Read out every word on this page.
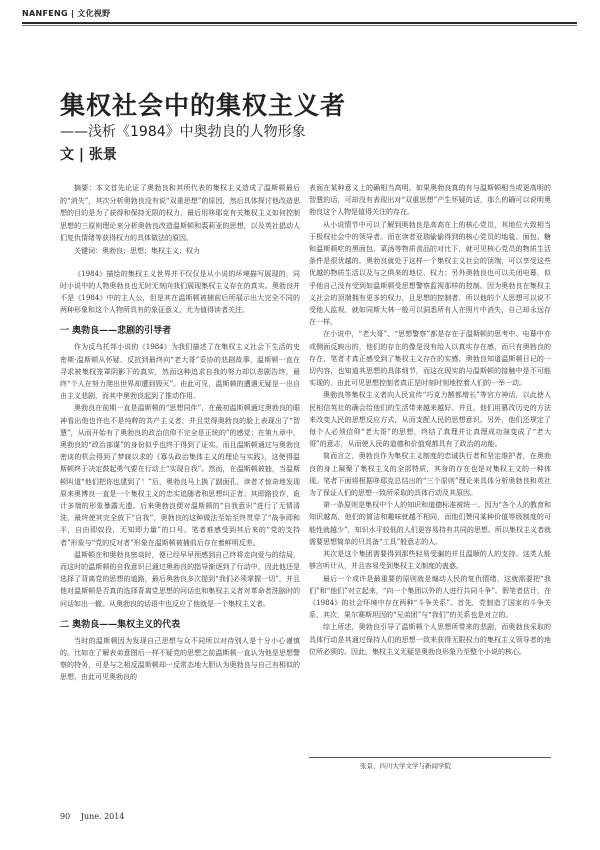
NANFENG | 文化视野
集权社会中的集权主义者
——浅析《1984》中奥勃良的人物形象
文 | 张景

摘要：本文首先论证了奥勃良和其所代表的集权主义造成了温斯顿最后的“消失”，其次分析奥勃良没有说“双重思想”的原因，然后具体探讨他改造思想的目的是为了获得和保持无限的权力，最后用哆耶克有关集权主义如何控制思想的三原则理论来分析奥勃良改造温斯顿和裘莉亚的思想，以及英社猖动人们复仇情绪等获得权力的具体做法的原因。

关键词：奥勃良；思想；集权主义；权力

《1984》描绘的集权主义世界并不仅仅是从小说的环境描写展现的，同时小说中的人物奥勃良也无时无刻向我们展现集权主义存在的真实。奥勃良并不是《1984》中的主人公，但是其在温斯顿被捕前后所展示出大完全不同的两种形象和这个人物所具有的象征意义，尤为值得读者关注。

一 奥勃良——悲剧的引导者

作为反乌托邦小说的《1984》为我们描述了在集权主义社会下生活的史密斯·温斯顿从怀疑、反抗到最终向“老大哥”妥协的悲剧故事，温斯顿一直在寻求被集权笼罩阴影下的真实，然而这种追求自我的努力却以悲剧告终，最终“个人在努力爬出世界却遭到毁灭”。由此可见，温斯顿的遭遇无疑是一出自由主义悲剧，而其中奥勃良起到了推动作用。

奥勃良在前期一直是温斯顿的“思想同伴”，在最初温斯顿通过奥勃良的眼神看出他也许也不是纯粹的共产主义者，并且觉得奥勃良的脸上表现出了“智慧”，从而开始有了奥勃良的政治信仰不完全是正统的”的感觉；在第九章中，奥勃良的“政治部谋”的身份似乎也终于得到了证实。而且温斯顿通过与奥勃良密谈的机会得到了梦寐以求的《寡头政治集体主义的理论与实践》，这使得温斯顿终于决定鼓起勇气要在行动上“实现自我”。然而，在温斯顿被抽，当温斯顿叫道“他们把你也逮到了！”后，奥勃良马上换了副面孔，读者才惊奇地发现原来奥博良一直是一个集权主义的忠实追随者和思想纠正者。其即路狡诈，诡计多端的形象暴露无遗。后来奥勃良便对温斯顿的“自我意识”进行了无情清洗，最终使其完全放下“自我”，奥勃良的这种做法至始至终贯穿了“战争即和平，自由即奴役，无知即力量”的口号。笔者难感受到其后来的“党的支持者”形象与“党的反对者”形象在温斯顿被捕前后存在着鲜明反差。

温斯顿在和奥勃良密谈时，便已经早早预感到自己终将走向爱与的结局，而这时的温斯顿的自我意识已通过奥勃良的指导渐逐到了行动中，因此他还是选择了背离党的思想的道路，最后奥勃良多次提到“我们必须掌握一切”，并且他对温斯顿是否真的选择背离党思想的问话也和集权主义者对革命者洗脑时的问话如出一辙。从奥勃良的话语中也反应了他就是一个集权主义者。

二 奥勃良——集权主义的代表

当时的温斯顿因为发现自己思想与众不同所以对待别人是十分小心谨慎的。比如在了解表弟意图后一样不疑党的思想之前温斯顿一直认为他是思想警察的特务，可是与之相反温斯顿却一反常态地大胆认为奥勃良与自己有相似的思想，由此可见奥勃良的

表面在某种意义上的确相当高明。如果奥勃良真的有与温斯顿相当或更高明的智慧的话，可却没有表现出对“双重思想”产生怀疑的话，那么的确可以说明奥勃良这个人物是值得关注的存在。

从小说情节中可以了解到奥勃良是高高在上的核心党员，其地位大致相当于极权社会中的领导者。而在读者亚瑞偷偷得到的核心党员的地毯、面包、糖和温斯顿吃的黑面包、菜汤等物质食品的对比下，就可见核心党员的物质生活条件是很优越的。奥勃良就处于这样一个集权主义社会的顶端，可以享受这些优越的物质生活以及与之俱来的地位、权力；另外奥勃良也可以关闭电幕，似乎他自己没有受到如温斯顿受思想警察监视那样的控制。因为奥勃良在集权主义社会的顶端拥有更多的权力，且思想的控制者，所以他的个人思想可以说不受他人监视，就如同斯大林一般可以洞悉所有人在照片中消失，自己却永远存在一样。

在小说中，“老大哥”、“思想警察”都是存在于温斯顿的思考中、电幕中亦或侧面反映出的，他们的存在的像是没有给人以真实存在感，而只有奥勃良的存在，笔者才真正感受到了集权主义存在的实感。奥勃良知道温斯顿日记的一切内容，也知道其思想的具体细节，而这在现实的与温斯顿的接触中是不可能实现的，由此可见思想控制者真正是时刻时刻地控着人们的一举一动。

奥勃良等集权主义者向人民宣传“巧克力额都增长”等官方神话，以此使人民相信英社的确会给他们的生活带来越来越好。并且，他们用篡改历史的方法来改变人民的思想反应方式，从而支配人民的思想意识。另外，他们还规定了每个人必须信仰“老大哥”的思想，终结了真理并让真理成功演变成了“老大哥”的意志，从而使人民的道德和价值观都具有了政治的功能。

简而言之，奥勃良作为集权主义制度的忠诚执行者和坚定维护者，在奥勃良的身上凝聚了集权主义的全部特质，其身的存在也是对集权主义的一种体现。笔者下面将根据哆耶克总结出的“三个原则”理论来具体分析奥勃良和英社为了保证人们的思想一致所采取的具体行动及其原因。

第一条原则是集权中个人的知识和道德标准被统一。因为“各个人的教育和知识越高，他们的简洁和趣味就越不相同，而他们赞同某种价值等级制度的可能性就越少”，知识水平较低的人们更容易持有共同的思想。所以集权主义者就需要思想简单的只具备“工具”般意志的人。

其次是这个集团需要得到那些轻易受骗的并且温顺的人的支持。这类人能够言听计从，并且容易受到集权主义制度的蛊惑。

最后一个或许是最重要的原则就是煽动人民的复仇情绪，这就需要把“我们”和“他们”对立起来，“向一个集团以外的人进行共同斗争”。假笔者估计，在《1984》的社会环境中存在两种“斗争关系”。首先，党制造了国家的斗争关系，其次，果尔赛斯坦因的“兄弟团”与“我们”的关系也是对立的。

综上所述，奥勃良引导了温斯顿个人思想所带来的悲剧，而奥勃良采取的具体行动是其通过保持人们的思想一致来获得无限权力的集权主义领导者的地位所必须的。因此，集权主义无疑是奥勃良形象乃至整个小说的核心。

张景，四川大学文学与新闻学院
90 June. 2014
